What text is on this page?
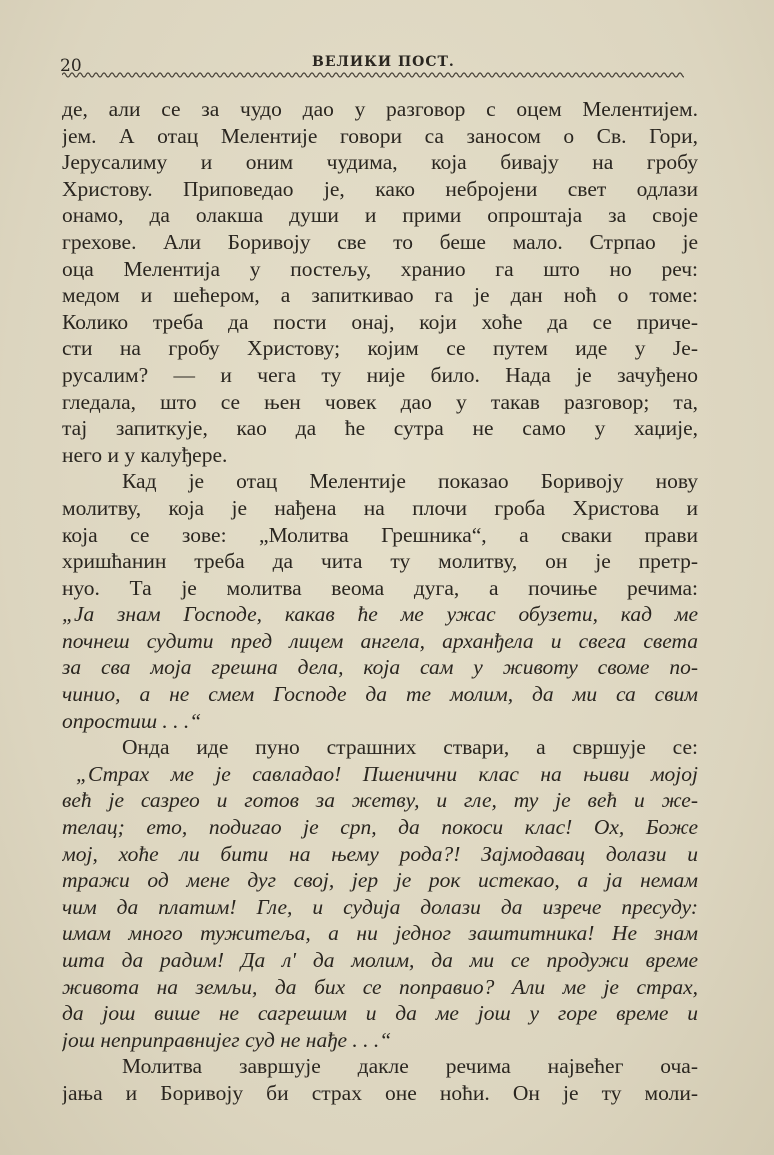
20	ВЕЛИКИ ПОСТ.
де, али се за чудо дао у разговор с оцем Мелентијем.
јем. А отац Мелентије говори са заносом о Св. Гори,
Јерусалиму и оним чудима, која бивају на гробу
Христову. Приповедао је, како небројени свет одлази
онамо, да олакша души и прими опроштаја за своје
грехове. Али Боривоју све то беше мало. Стрпао је
оца Мелентија у постељу, хранио га што но реч:
медом и шећером, а запиткивао га је дан ноћ о томе:
Колико треба да пости онај, који хоће да се приче-
сти на гробу Христову; којим се путем иде у Је-
русалим? — и чега ту није било. Нада је зачуђено
гледала, што се њен човек дао у такав разговор; та,
тај запиткује, као да ће сутра не само у хаџије,
него и у калуђере.
Кад је отац Мелентије показао Боривоју нову
молитву, која је нађена на плочи гроба Христова и
која се зове: „Молитва Грешника“, а сваки прави
хришћанин треба да чита ту молитву, он је претр-
нуо. Та је молитва веома дуга, а почиње речима:
„Ја знам Господе, какав ће ме ужас обузети, кад ме
почнеш судити пред лицем ангела, арханђела и свега света
за сва моја грешна дела, која сам у животу своме по-
чинио, а не смем Господе да те молим, да ми са свим
опростиш . . .“
Онда иде пуно страшних ствари, а свршује се:
„Страх ме је савладао! Пшенични клас на њиви мојој
већ је сазрео и готов за жетву, и гле, ту је већ и же-
телац; ето, подигао је срп, да покоси клас! Ох, Боже
мој, хоће ли бити на њему рода?! Зајмодавац долази и
тражи од мене дуг свој, јер је рок истекао, а ја немам
чим да платим! Гле, и судија долази да изрече пресуду:
имам много тужитеља, а ни једног заштитника! Не знам
шта да радим! Да л' да молим, да ми се продужи време
живота на земљи, да бих се поправио? Али ме је страх,
да још више не сагрешим и да ме још у горе време и
још неприправнијег суд не нађе . . .“
Молитва завршује дакле речима највећег оча-
јања и Боривоју би страх оне ноћи. Он је ту моли-
